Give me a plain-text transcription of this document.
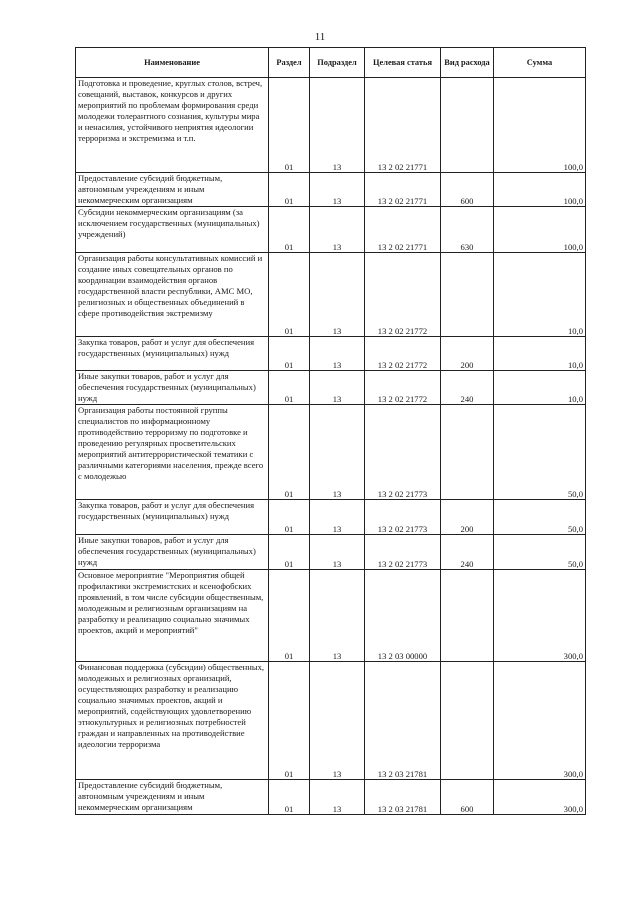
11
Наименование	Раздел	Подраздел	Целевая статья	Вид расхода	Сумма
Подготовка и проведение, круглых столов, встреч, совещаний, выставок, конкурсов и других мероприятий по проблемам формирования среди молодежи толерантного сознания, культуры мира и ненасилия, устойчивого неприятия идеологии терроризма и экстремизма и т.п.	01	13	13 2 02 21771		100,0
Предоставление субсидий бюджетным, автономным учреждениям и иным некоммерческим организациям	01	13	13 2 02 21771	600	100,0
Субсидии некоммерческим организациям (за исключением государственных (муниципальных) учреждений)	01	13	13 2 02 21771	630	100,0
Организация работы консультативных комиссий и создание иных совещательных органов по координации взаимодействия органов государственной власти республики, АМС МО, религиозных и общественных объединений в сфере противодействия экстремизму	01	13	13 2 02 21772		10,0
Закупка товаров, работ и услуг для обеспечения государственных (муниципальных) нужд	01	13	13 2 02 21772	200	10,0
Иные закупки товаров, работ и услуг для обеспечения государственных (муниципальных) нужд	01	13	13 2 02 21772	240	10,0
Организация работы постоянной группы специалистов по информационному противодействию терроризму по подготовке и проведению регулярных просветительских мероприятий антитеррористической тематики с различными категориями населения, прежде всего с молодежью	01	13	13 2 02 21773		50,0
Закупка товаров, работ и услуг для обеспечения государственных (муниципальных) нужд	01	13	13 2 02 21773	200	50,0
Иные закупки товаров, работ и услуг для обеспечения государственных (муниципальных) нужд	01	13	13 2 02 21773	240	50,0
Основное мероприятие "Мероприятия общей профилактики экстремистских и ксенофобских проявлений, в том числе субсидии общественным, молодежным и религиозным организациям на разработку и реализацию социально значимых проектов, акций и мероприятий"	01	13	13 2 03 00000		300,0
Финансовая поддержка (субсидии) общественных, молодежных и религиозных организаций, осуществляющих разработку и реализацию социально значимых проектов, акций и мероприятий, содействующих удовлетворению этнокультурных и религиозных потребностей граждан и направленных на противодействие идеологии терроризма	01	13	13 2 03 21781		300,0
Предоставление субсидий бюджетным, автономным учреждениям и иным некоммерческим организациям	01	13	13 2 03 21781	600	300,0
